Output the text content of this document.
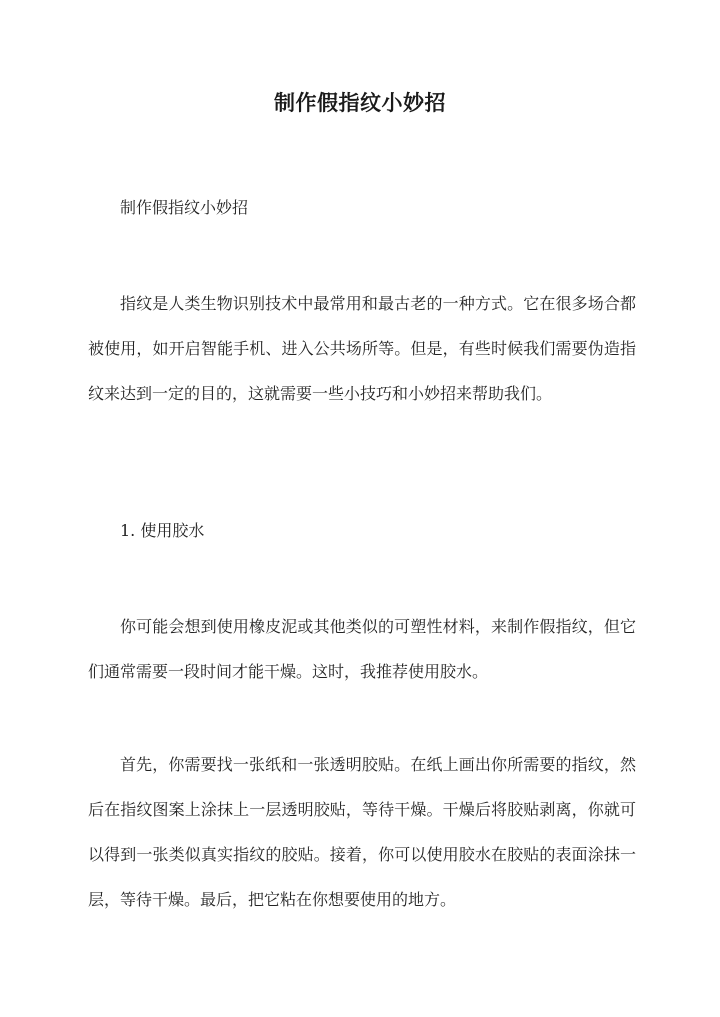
制作假指纹小妙招

制作假指纹小妙招

指纹是人类生物识别技术中最常用和最古老的一种方式。它在很多场合都被使用，如开启智能手机、进入公共场所等。但是，有些时候我们需要伪造指纹来达到一定的目的，这就需要一些小技巧和小妙招来帮助我们。

1. 使用胶水

你可能会想到使用橡皮泥或其他类似的可塑性材料，来制作假指纹，但它们通常需要一段时间才能干燥。这时，我推荐使用胶水。

首先，你需要找一张纸和一张透明胶贴。在纸上画出你所需要的指纹，然后在指纹图案上涂抹上一层透明胶贴，等待干燥。干燥后将胶贴剥离，你就可以得到一张类似真实指纹的胶贴。接着，你可以使用胶水在胶贴的表面涂抹一层，等待干燥。最后，把它粘在你想要使用的地方。
